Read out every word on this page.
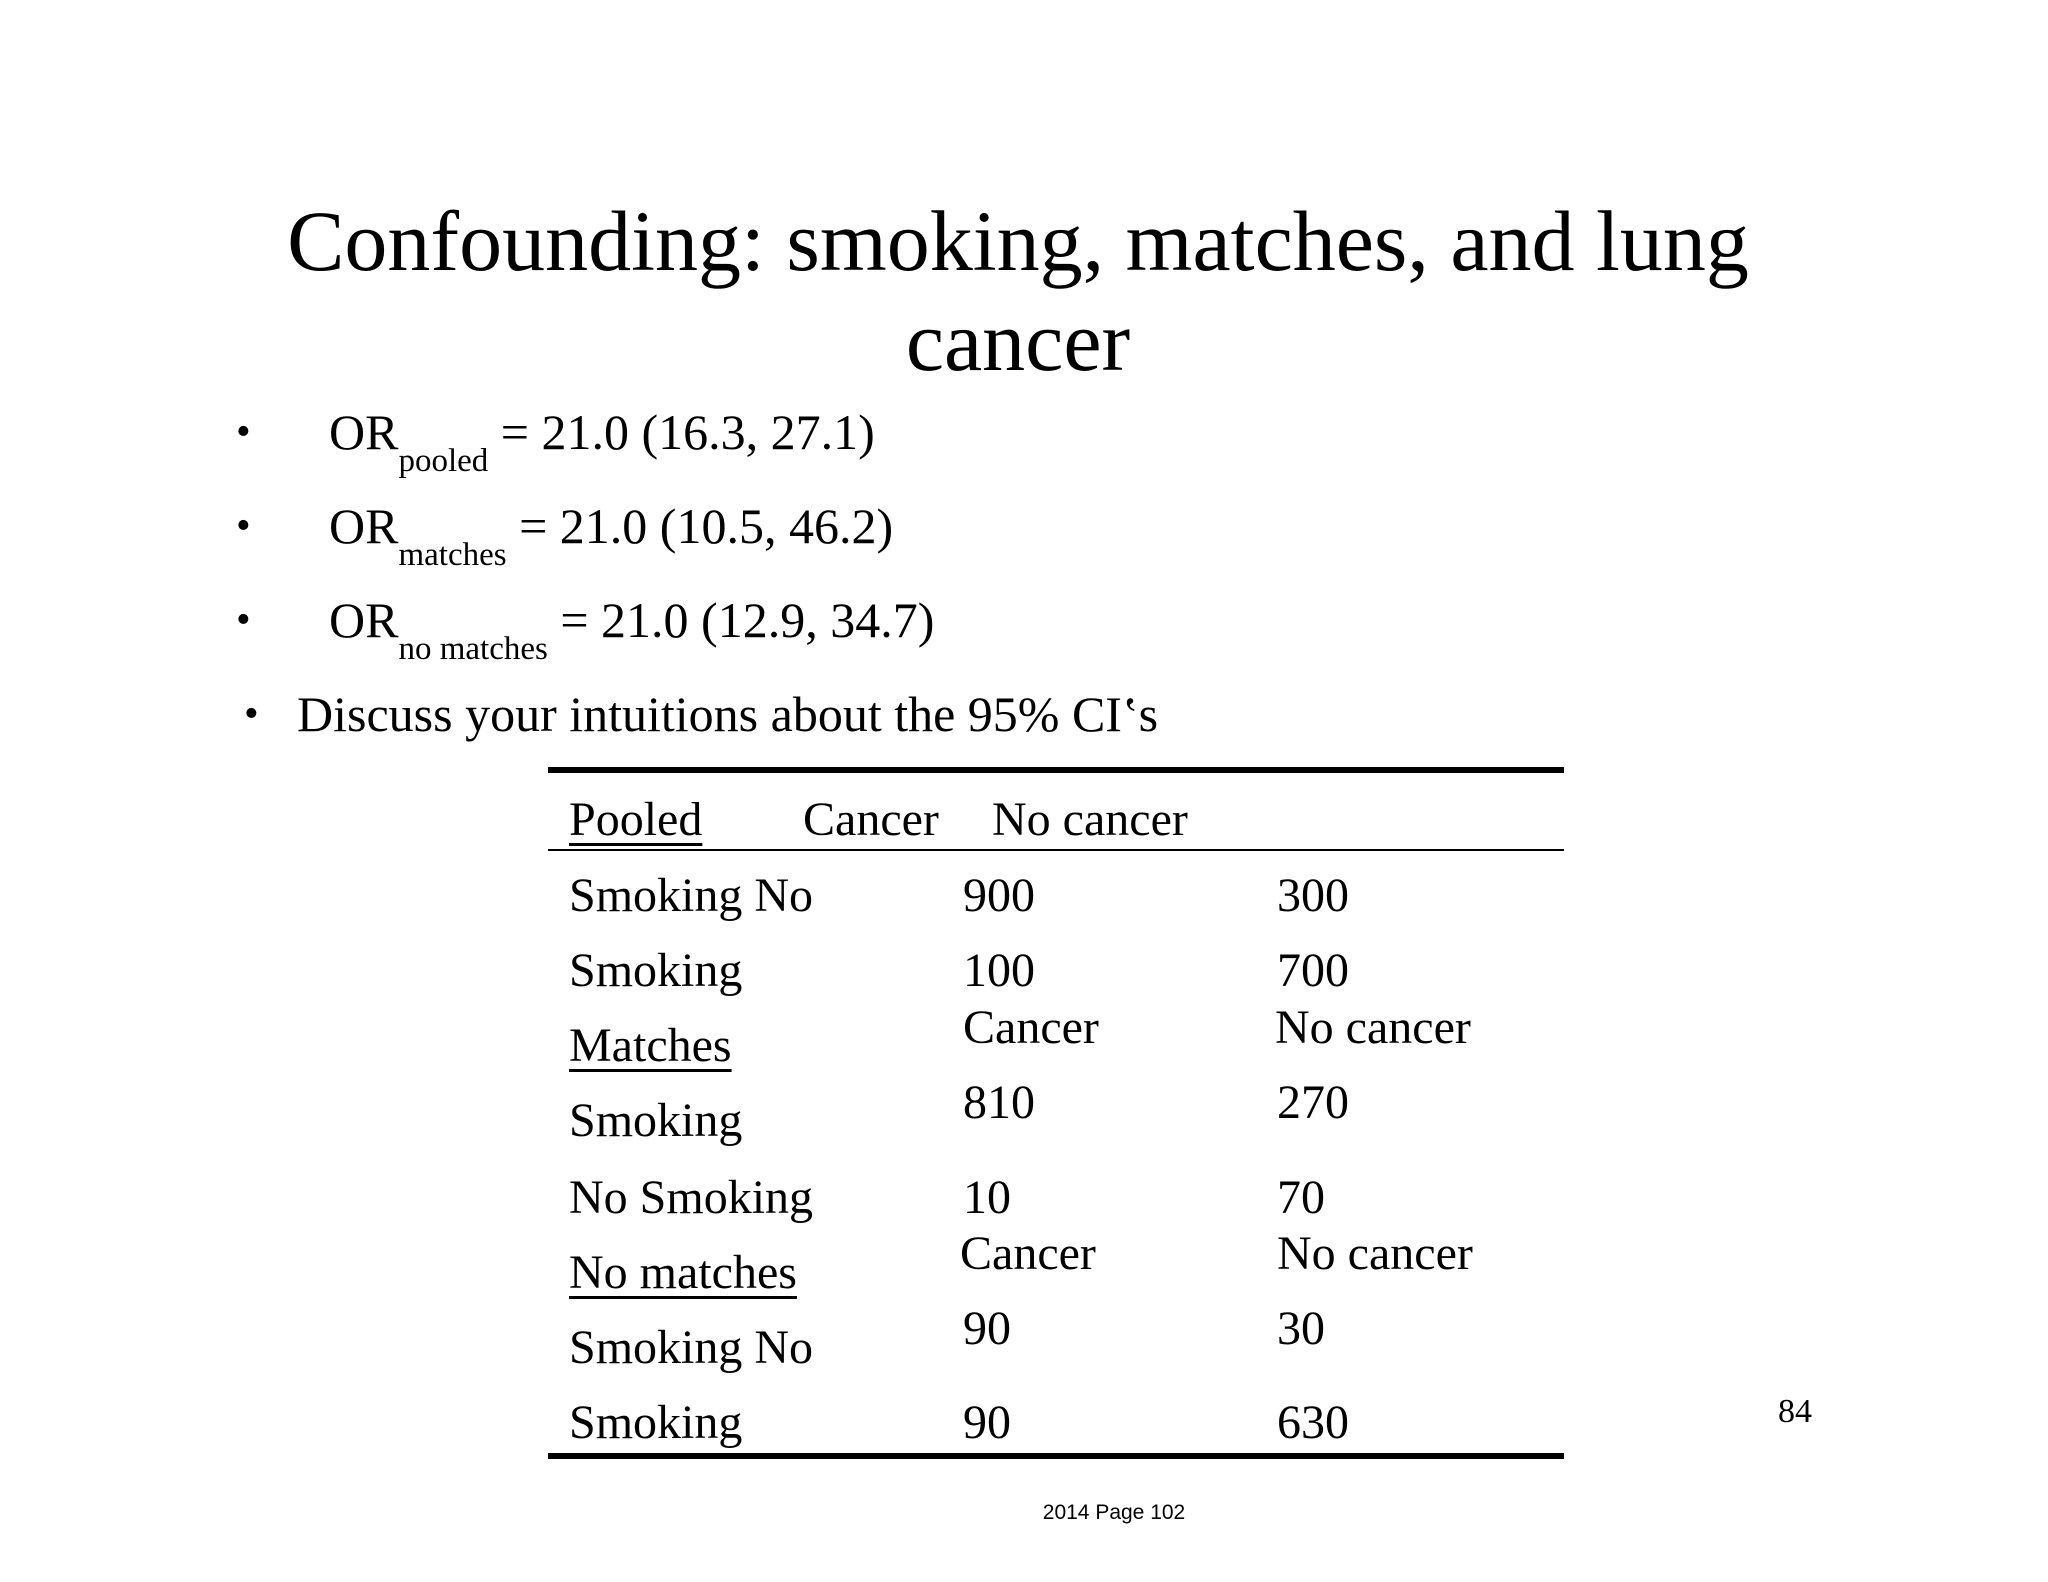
Confounding: smoking, matches, and lung
cancer
• $OR_{pooled} = 21.0$ (16.3, 27.1)
• $OR_{matches} = 21.0$ (10.5, 46.2)
• $OR_{no matches} = 21.0$ (12.9, 34.7)
• Discuss your intuitions about the 95% CI‛s
Pooled Cancer No cancer
Smoking No	900	300
Smoking	100	700
Matches	Cancer	No cancer
Smoking	810	270
No Smoking	10	70
No matches	Cancer	No cancer
Smoking No	90	30
Smoking	90	630	84
2014 Page 102
